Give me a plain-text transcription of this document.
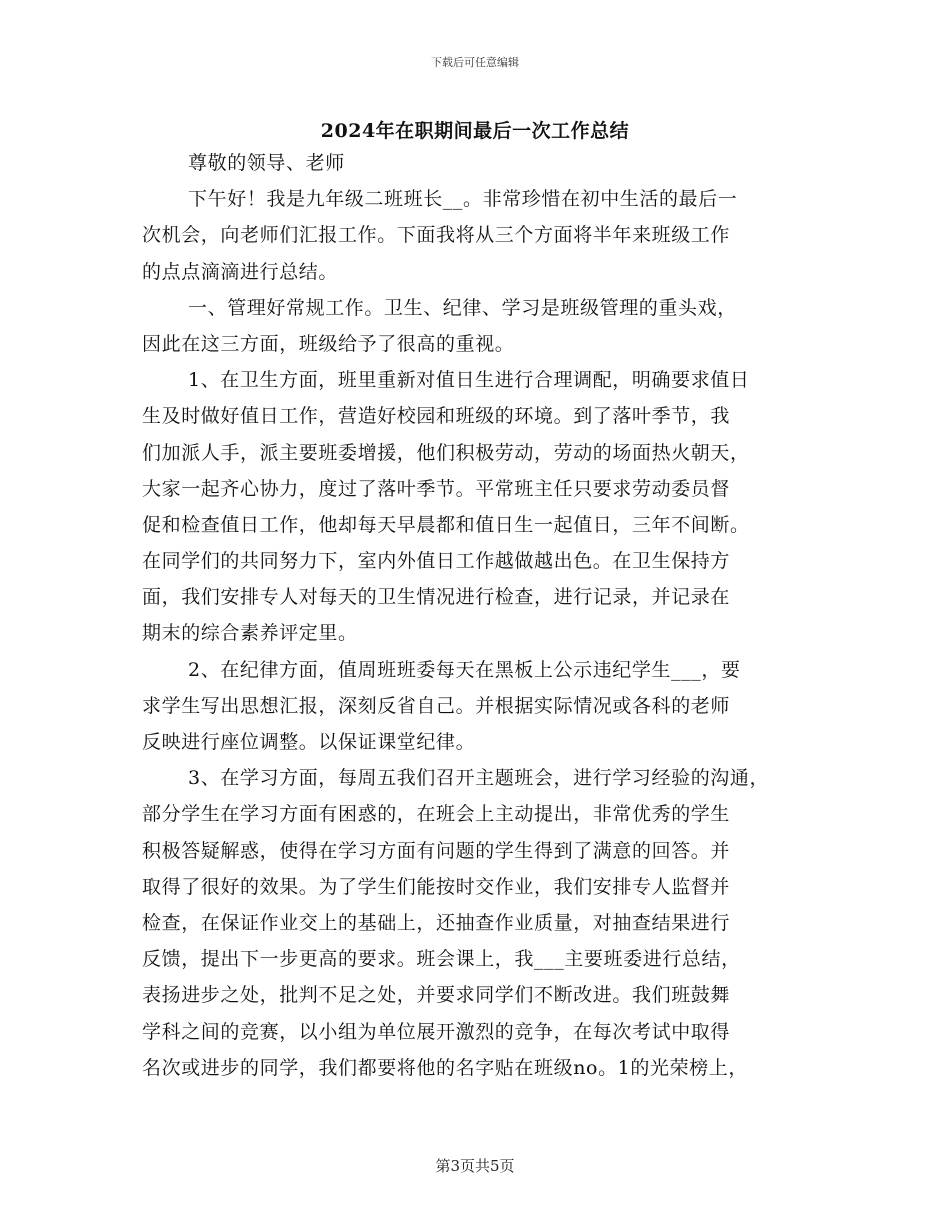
下载后可任意编辑
2024年在职期间最后一次工作总结
尊敬的领导、老师
下午好！我是九年级二班班长__。非常珍惜在初中生活的最后一
次机会，向老师们汇报工作。下面我将从三个方面将半年来班级工作
的点点滴滴进行总结。
一、管理好常规工作。卫生、纪律、学习是班级管理的重头戏，
因此在这三方面，班级给予了很高的重视。
1、在卫生方面，班里重新对值日生进行合理调配，明确要求值日
生及时做好值日工作，营造好校园和班级的环境。到了落叶季节，我
们加派人手，派主要班委增援，他们积极劳动，劳动的场面热火朝天，
大家一起齐心协力，度过了落叶季节。平常班主任只要求劳动委员督
促和检查值日工作，他却每天早晨都和值日生一起值日，三年不间断。
在同学们的共同努力下，室内外值日工作越做越出色。在卫生保持方
面，我们安排专人对每天的卫生情况进行检查，进行记录，并记录在
期末的综合素养评定里。
2、在纪律方面，值周班班委每天在黑板上公示违纪学生___，要
求学生写出思想汇报，深刻反省自己。并根据实际情况或各科的老师
反映进行座位调整。以保证课堂纪律。
3、在学习方面，每周五我们召开主题班会，进行学习经验的沟通，
部分学生在学习方面有困惑的，在班会上主动提出，非常优秀的学生
积极答疑解惑，使得在学习方面有问题的学生得到了满意的回答。并
取得了很好的效果。为了学生们能按时交作业，我们安排专人监督并
检查，在保证作业交上的基础上，还抽查作业质量，对抽查结果进行
反馈，提出下一步更高的要求。班会课上，我___主要班委进行总结，
表扬进步之处，批判不足之处，并要求同学们不断改进。我们班鼓舞
学科之间的竞赛，以小组为单位展开激烈的竞争，在每次考试中取得
名次或进步的同学，我们都要将他的名字贴在班级no。1的光荣榜上，
第3页共5页
